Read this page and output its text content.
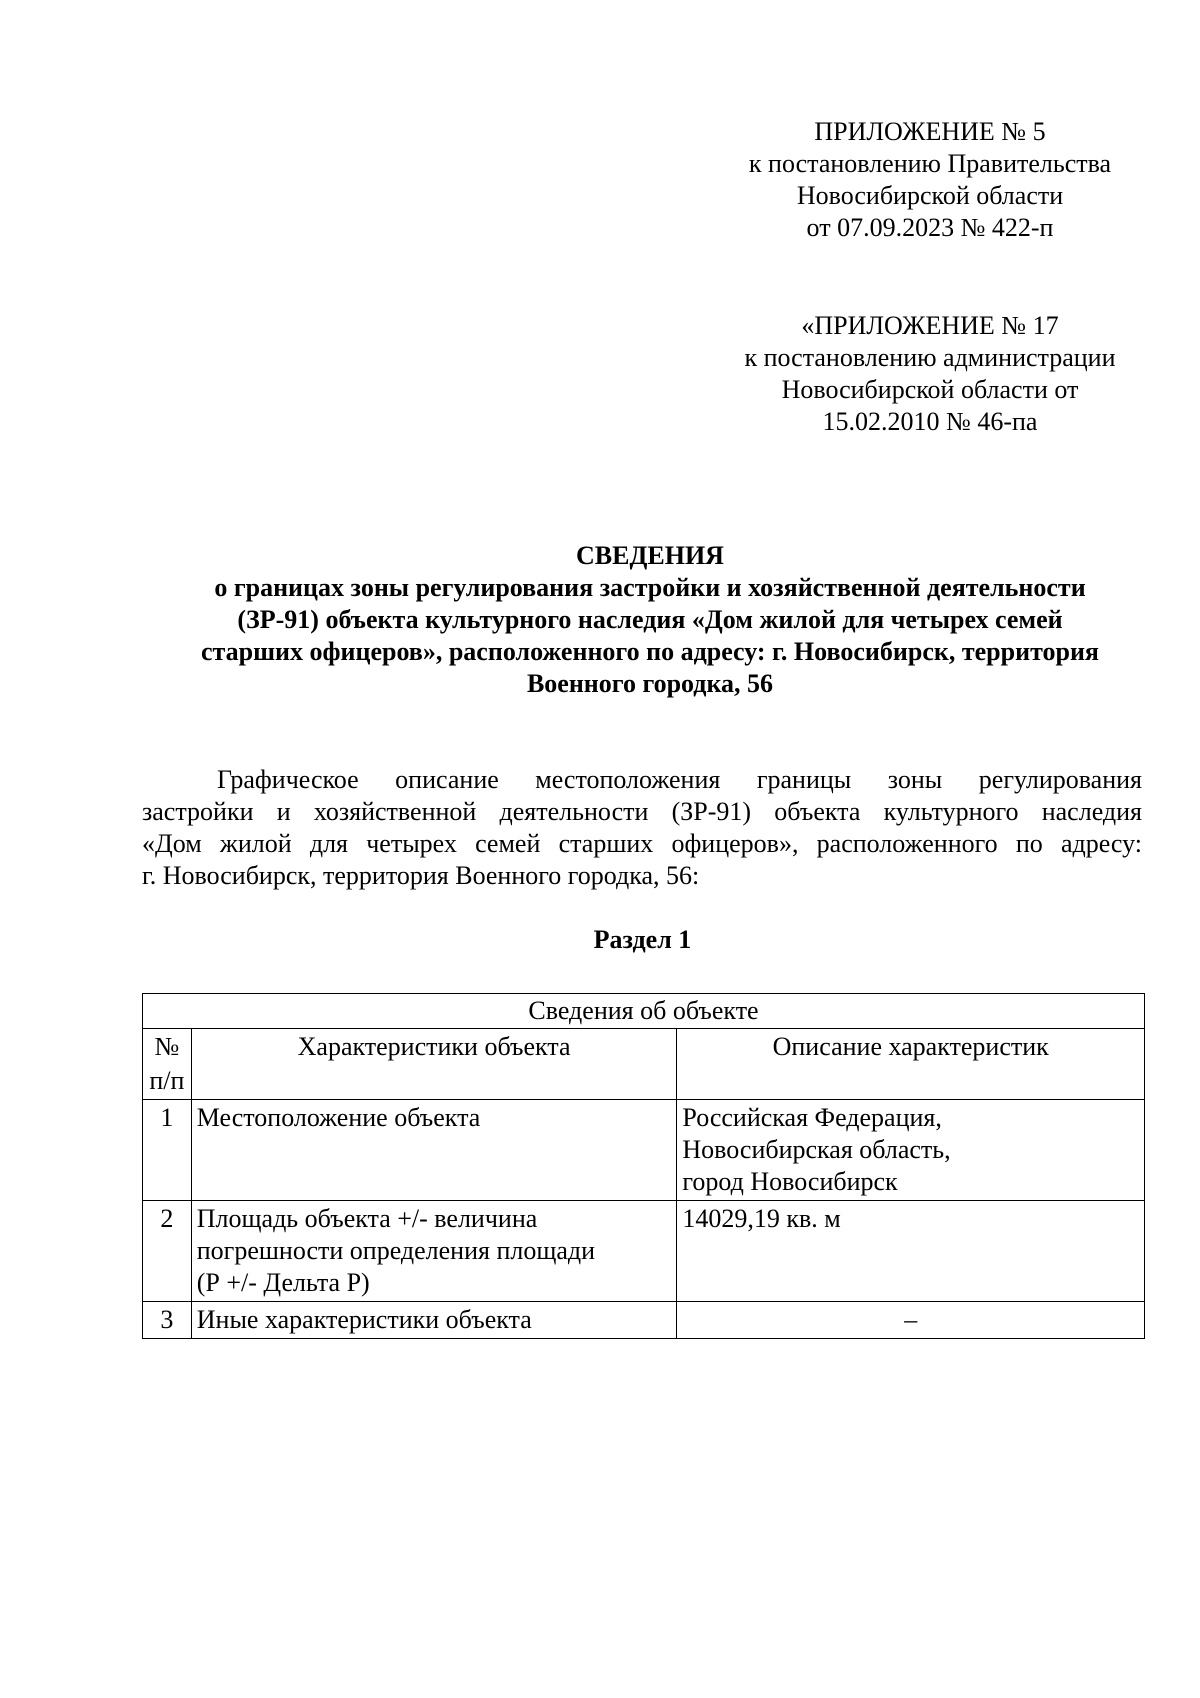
ПРИЛОЖЕНИЕ № 5
к постановлению Правительства
Новосибирской области
от 07.09.2023 № 422-п
«ПРИЛОЖЕНИЕ № 17
к постановлению администрации
Новосибирской области от
15.02.2010 № 46-па
СВЕДЕНИЯ
о границах зоны регулирования застройки и хозяйственной деятельности
(ЗР-91) объекта культурного наследия «Дом жилой для четырех семей
старших офицеров», расположенного по адресу: г. Новосибирск, территория
Военного городка, 56
Графическое описание местоположения границы зоны регулирования
застройки и хозяйственной деятельности (ЗР-91) объекта культурного наследия
«Дом жилой для четырех семей старших офицеров», расположенного по адресу:
г. Новосибирск, территория Военного городка, 56:
Раздел 1
Сведения об объекте		

№
п/п	Характеристики объекта	Описание характеристик
1	Местоположение объекта	Российская Федерация,
Новосибирская область,
город Новосибирск

2	Площадь объекта +/- величина
погрешности определения площади
(Р +/- Дельта Р)	14029,19 кв. м

3	Иные характеристики объекта	–
